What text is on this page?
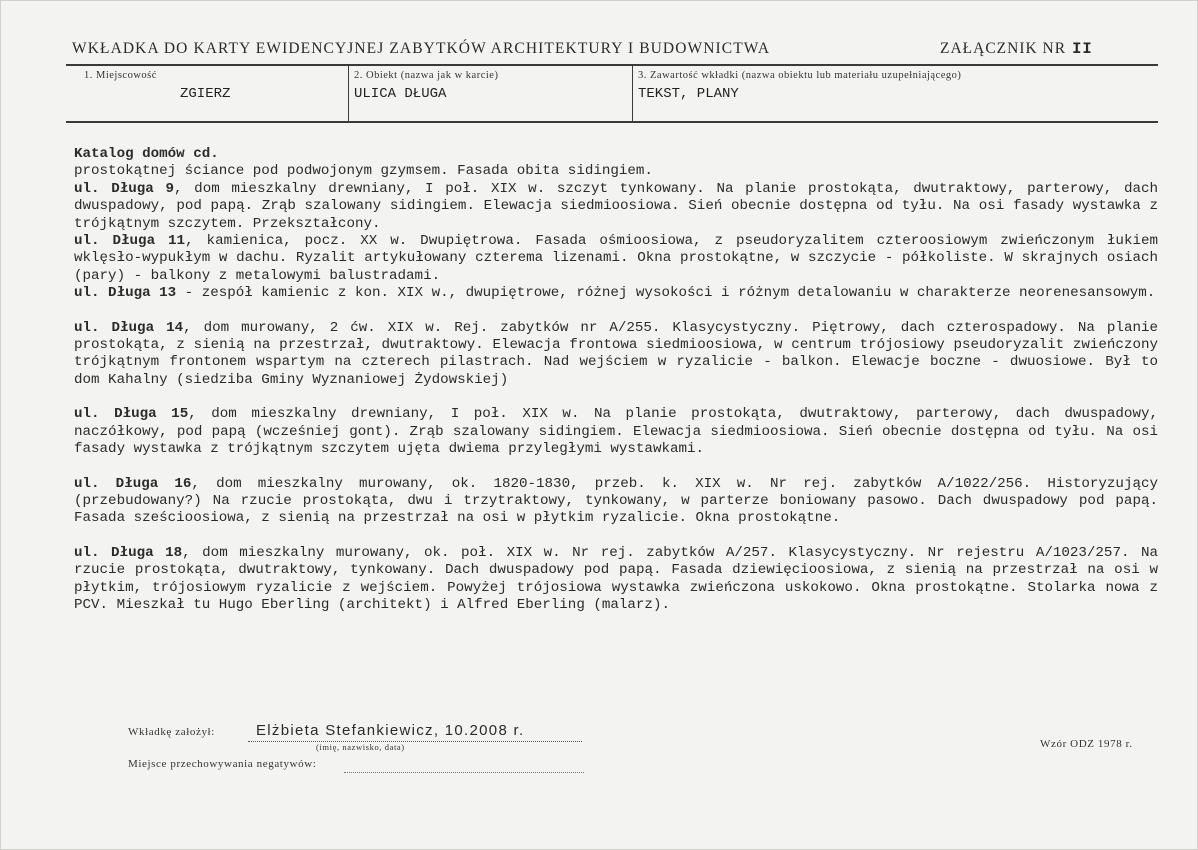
WKŁADKA DO KARTY EWIDENCYJNEJ ZABYTKÓW ARCHITEKTURY I BUDOWNICTWA	ZAŁĄCZNIK NR II
1. Miejscowość
ZGIERZ
2. Obiekt (nazwa jak w karcie)
ULICA DŁUGA
3. Zawartość wkładki (nazwa obiektu lub materiału uzupełniającego)
TEKST, PLANY

Katalog domów cd.

prostokątnej ściance pod podwojonym gzymsem. Fasada obita sidingiem.

ul. Długa 9, dom mieszkalny drewniany, I poł. XIX w. szczyt tynkowany. Na planie prostokąta, dwutraktowy, parterowy, dach dwuspadowy, pod papą. Zrąb szalowany sidingiem. Elewacja siedmioosiowa. Sień obecnie dostępna od tyłu. Na osi fasady wystawka z trójkątnym szczytem. Przekształcony.

ul. Długa 11, kamienica, pocz. XX w. Dwupiętrowa. Fasada ośmioosiowa, z pseudoryzalitem czteroosiowym zwieńczonym łukiem wklęsło-wypukłym w dachu. Ryzalit artykułowany czterema lizenami. Okna prostokątne, w szczycie - półkoliste. W skrajnych osiach (pary) - balkony z metalowymi balustradami.

ul. Długa 13 - zespół kamienic z kon. XIX w., dwupiętrowe, różnej wysokości i różnym detalowaniu w charakterze neorenesansowym.

ul. Długa 14, dom murowany, 2 ćw. XIX w. Rej. zabytków nr A/255. Klasycystyczny. Piętrowy, dach czterospadowy. Na planie prostokąta, z sienią na przestrzał, dwutraktowy. Elewacja frontowa siedmioosiowa, w centrum trójosiowy pseudoryzalit zwieńczony trójkątnym frontonem wspartym na czterech pilastrach. Nad wejściem w ryzalicie - balkon. Elewacje boczne - dwuosiowe. Był to dom Kahalny (siedziba Gminy Wyznaniowej Żydowskiej)

ul. Długa 15, dom mieszkalny drewniany, I poł. XIX w. Na planie prostokąta, dwutraktowy, parterowy, dach dwuspadowy, naczółkowy, pod papą (wcześniej gont). Zrąb szalowany sidingiem. Elewacja siedmioosiowa. Sień obecnie dostępna od tyłu. Na osi fasady wystawka z trójkątnym szczytem ujęta dwiema przyległymi wystawkami.

ul. Długa 16, dom mieszkalny murowany, ok. 1820-1830, przeb. k. XIX w. Nr rej. zabytków A/1022/256. Historyzujący (przebudowany?) Na rzucie prostokąta, dwu i trzytraktowy, tynkowany, w parterze boniowany pasowo. Dach dwuspadowy pod papą. Fasada sześcioosiowa, z sienią na przestrzał na osi w płytkim ryzalicie. Okna prostokątne.

ul. Długa 18, dom mieszkalny murowany, ok. poł. XIX w. Nr rej. zabytków A/257. Klasycystyczny. Nr rejestru A/1023/257. Na rzucie prostokąta, dwutraktowy, tynkowany. Dach dwuspadowy pod papą. Fasada dziewięcioosiowa, z sienią na przestrzał na osi w płytkim, trójosiowym ryzalicie z wejściem. Powyżej trójosiowa wystawka zwieńczona uskokowo. Okna prostokątne. Stolarka nowa z PCV. Mieszkał tu Hugo Eberling (architekt) i Alfred Eberling (malarz).

Wkładkę założył:	Elżbieta Stefankiewicz, 10.2008 r.
(imię, nazwisko, data)	Wzór ODZ 1978 r.
Miejsce przechowywania negatywów:
